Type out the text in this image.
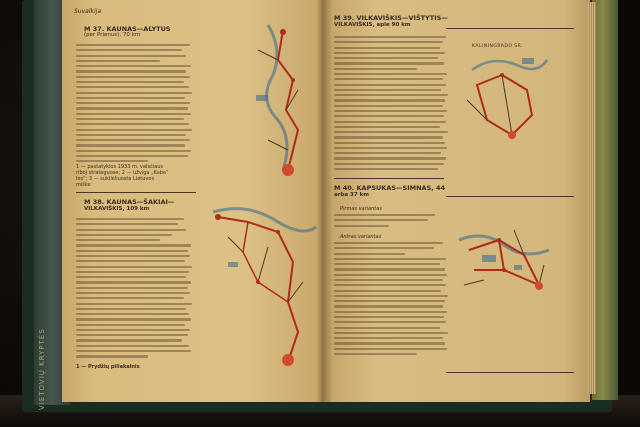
VIETOVIŲ KRYPTĖS
Suvalkija
M 37. KAUNAS—ALYTUS
(per Prienus), 70 km
1 — pastatyklos 1933 m. valsčiaus
riboj strateguose; 2 — užviga „Kuba“
les“; 3 — sukilėliuosta Lietuvos
miške
M 38. KAUNAS—ŠAKIAI—
VILKAVIŠKIS, 109 km
1 — Prydžių piliakalnis
M 39. VILKAVIŠKIS—VIŠTYTIS—
VILKAVIŠKIS, apie 90 km
KALININGRADO SR.
M 40. KAPSUKAS—SIMNAS, 44
arba 37 km
Pirmas variantas
Antras variantas
